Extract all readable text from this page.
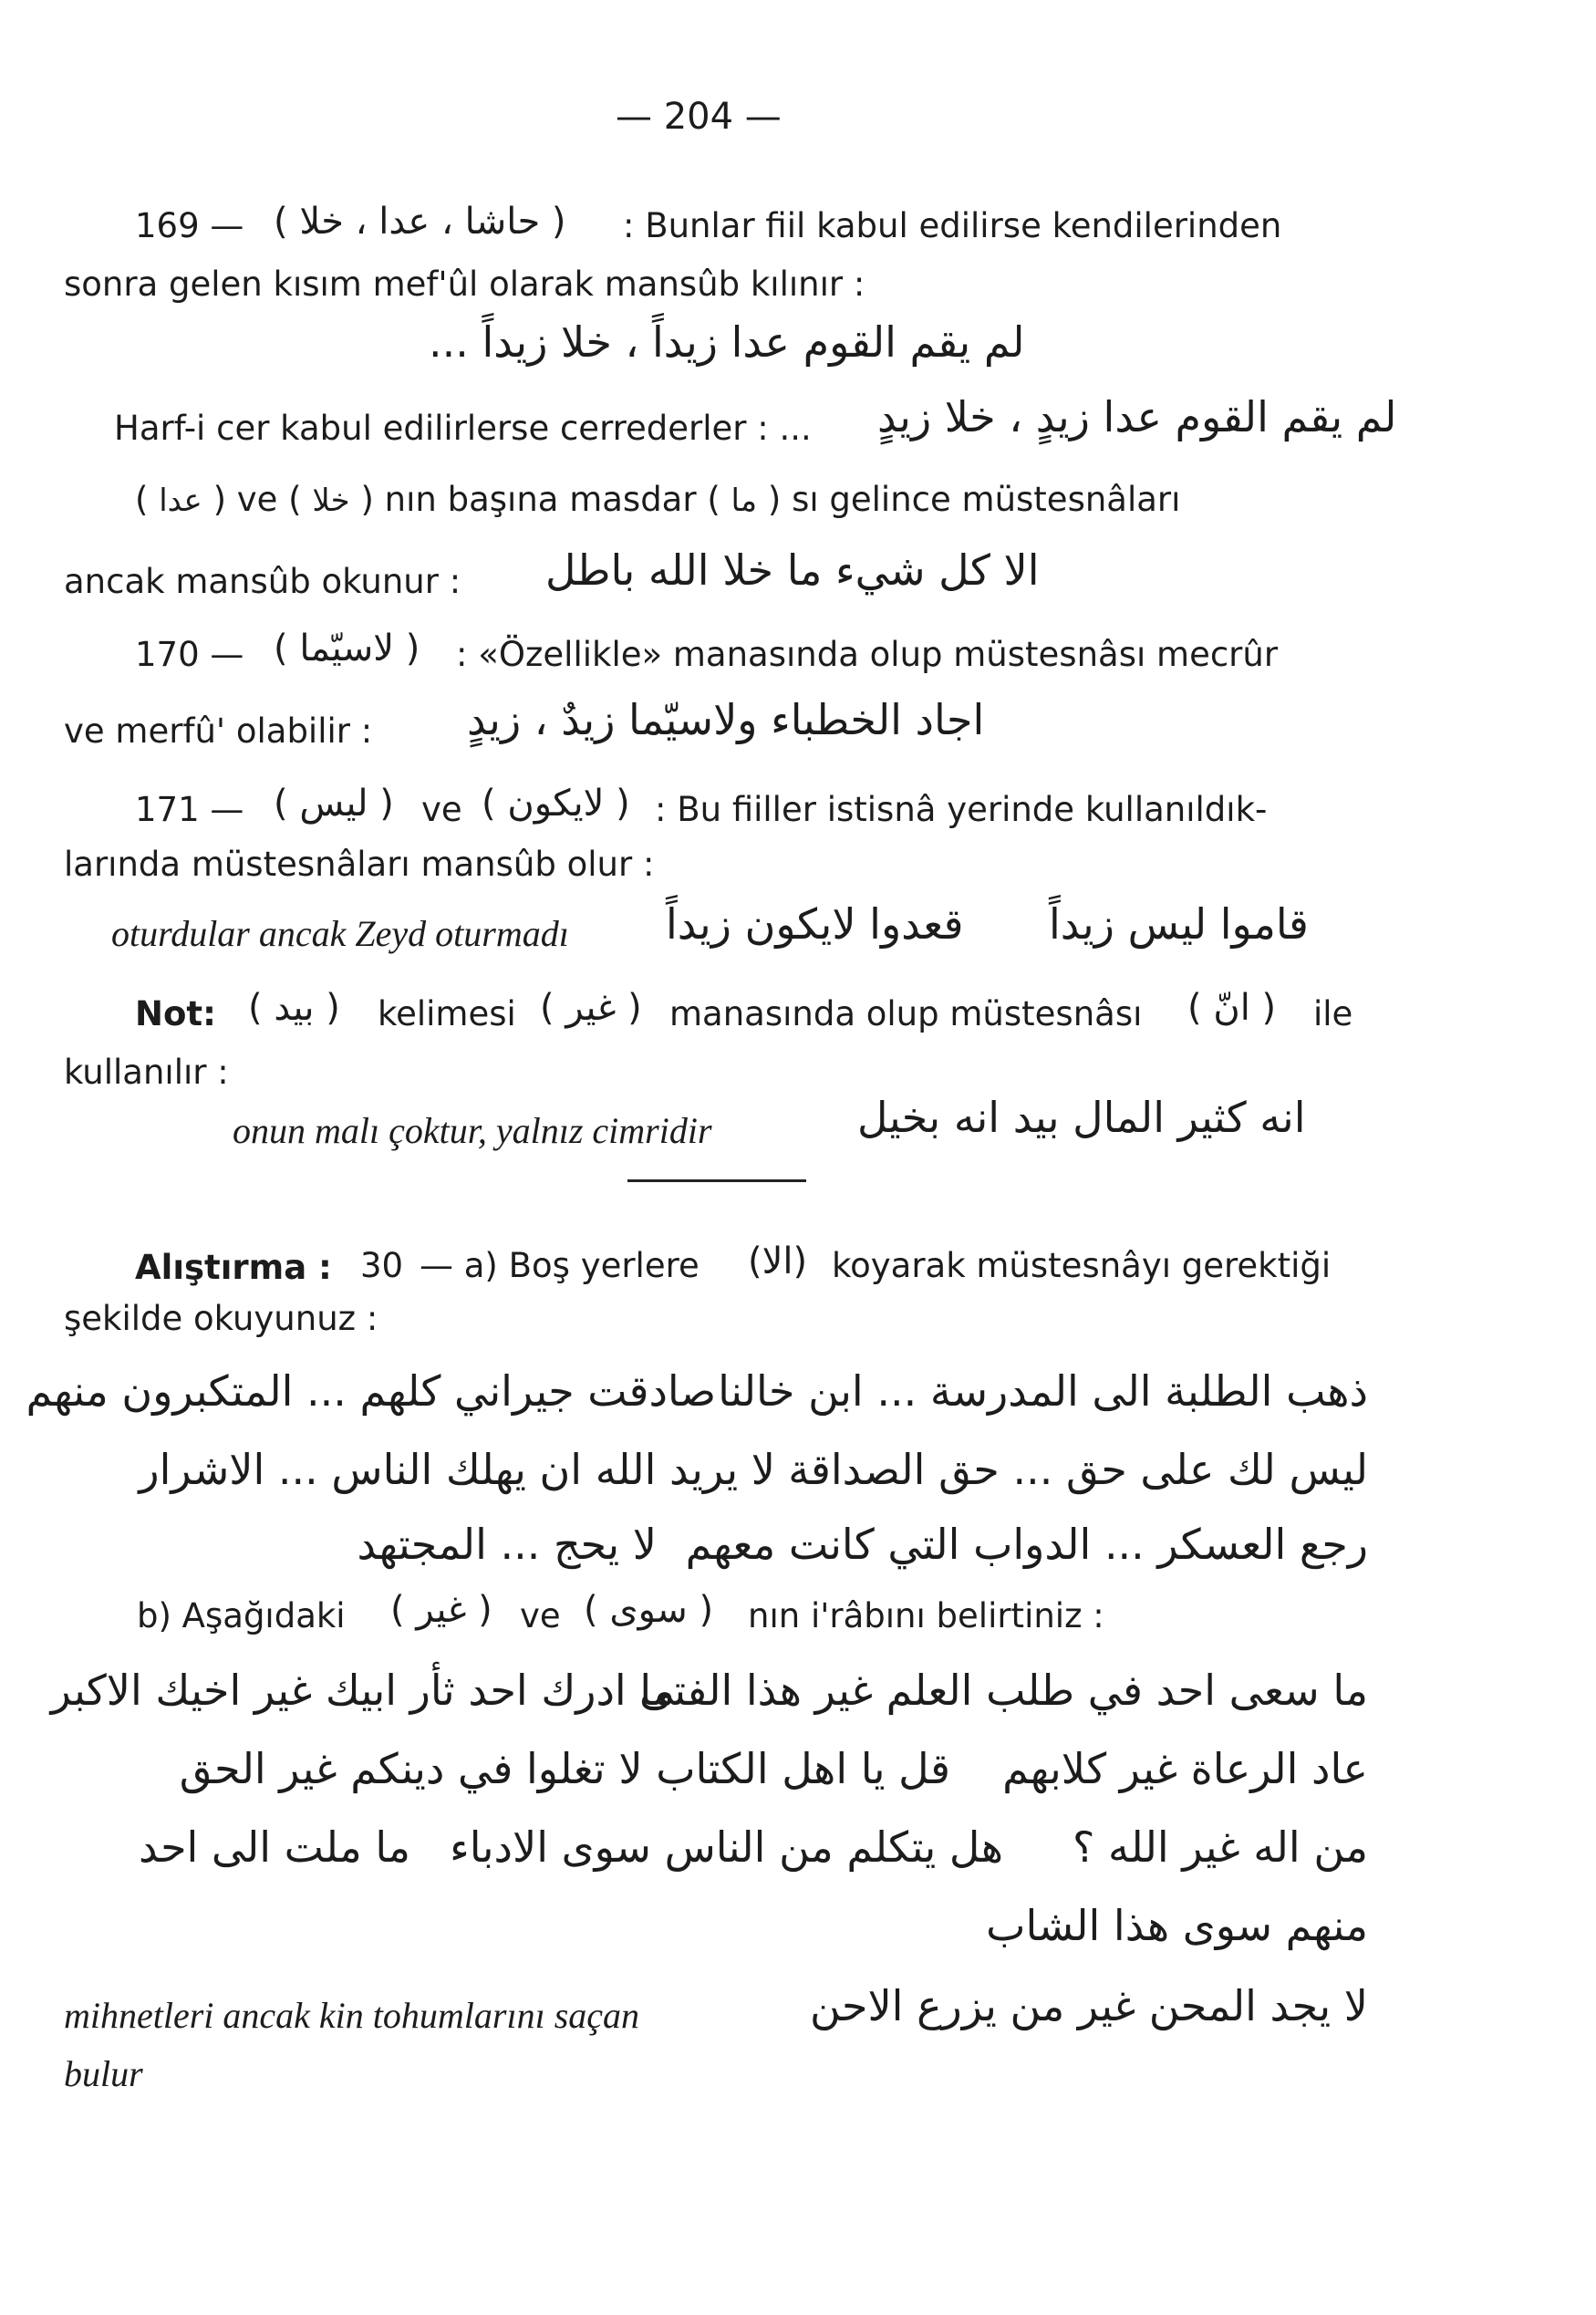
— 204 —
169 — ( حاشا ، عدا ، خلا ) : Bunlar fiil kabul edilirse kendilerinden
sonra gelen kısım mef'ûl olarak mansûb kılınır :
لم يقم القوم عدا زيداً ، خلا زيداً ...
Harf-i cer kabul edilirlerse cerrederler : ... لم يقم القوم عدا زيدٍ ، خلا زيدٍ
( عدا ) ve ( خلا ) nın başına masdar ( ما ) sı gelince müstesnâları
ancak mansûb okunur : الا كل شيء ما خلا الله باطل
170 — ( لاسيّما ) : «Özellikle» manasında olup müstesnâsı mecrûr
ve merfû' olabilir : اجاد الخطباء ولاسيّما زيدٌ ، زيدٍ
171 — ( ليس ) ve ( لايكون ) : Bu fiiller istisnâ yerinde kullanıldık-
larında müstesnâları mansûb olur :
oturdular ancak Zeyd oturmadı قعدوا لايكون زيداً قاموا ليس زيداً
Not: ( بيد ) kelimesi ( غير ) manasında olup müstesnâsı ( انّ ) ile
kullanılır :
onun malı çoktur, yalnız cimridir	انه كثير المال بيد انه بخيل
Alıştırma : 30 — a) Boş yerlere (الا) koyarak müstesnâyı gerektiği
şekilde okuyunuz :
ذهب الطلبة الى المدرسة ... ابن خالنا
صادقت جيراني كلهم ... المتكبرون منهم
ليس لك على حق ... حق الصداقة
لا يريد الله ان يهلك الناس ... الاشرار
رجع العسكر ... الدواب التي كانت معهم
لا يحج ... المجتهد
b) Aşağıdaki ( غير ) ve ( سوى ) nın i'râbını belirtiniz :
ما سعى احد في طلب العلم غير هذا الفتى
ما ادرك احد ثأر ابيك غير اخيك الاكبر
عاد الرعاة غير كلابهم
قل يا اهل الكتاب لا تغلوا في دينكم غير الحق
من اله غير الله ؟
هل يتكلم من الناس سوى الادباء
ما ملت الى احد
منهم سوى هذا الشاب
mihnetleri ancak kin tohumlarını saçan
bulur
لا يجد المحن غير من يزرع الاحن
